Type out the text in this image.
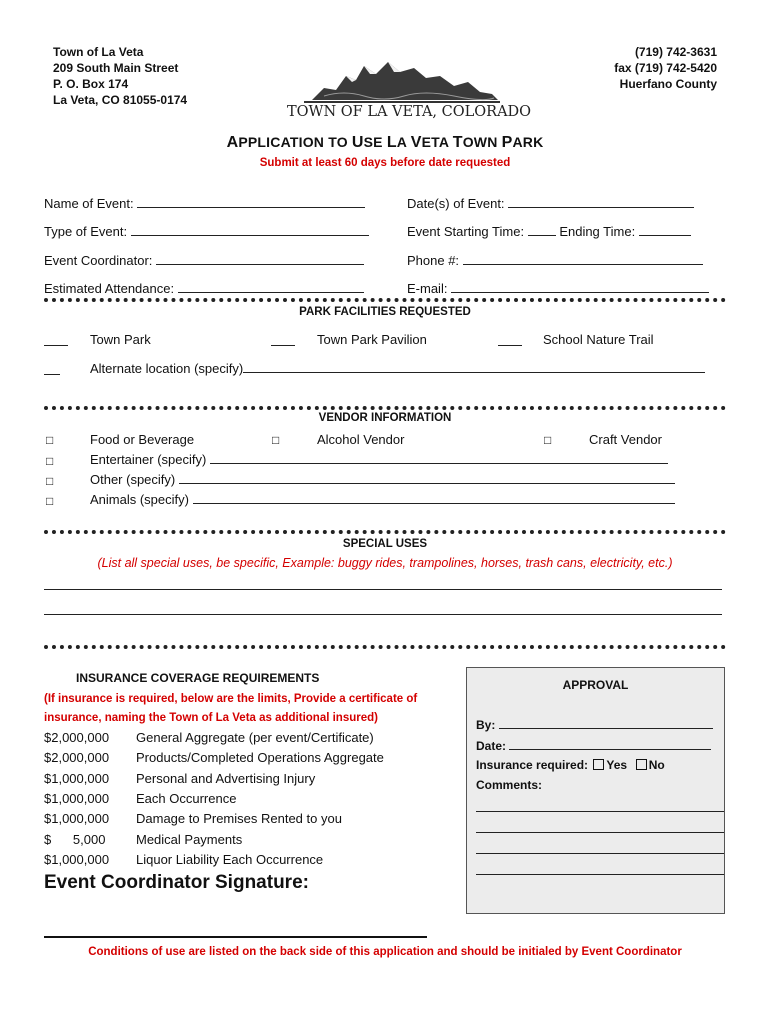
Town of La Veta
209 South Main Street
P. O. Box 174
La Veta, CO 81055-0174
(719) 742-3631
fax (719) 742-5420
Huerfano County
TOWN OF LA VETA, COLORADO
APPLICATION TO USE LA VETA TOWN PARK
Submit at least 60 days before date requested
Name of Event:	Date(s) of Event:
Type of Event:	Event Starting Time:	Ending Time:
Event Coordinator:	Phone #:
Estimated Attendance:	E-mail:
PARK FACILITIES REQUESTED
Town Park	Town Park Pavilion	School Nature Trail
Alternate location (specify)
VENDOR INFORMATION
□	Food or Beverage	□	Alcohol Vendor	□	Craft Vendor
□	Entertainer (specify)
□	Other (specify)
□	Animals (specify)
SPECIAL USES
(List all special uses, be specific, Example: buggy rides, trampolines, horses, trash cans, electricity, etc.)
INSURANCE COVERAGE REQUIREMENTS
(If insurance is required, below are the limits, Provide a certificate of
insurance, naming the Town of La Veta as additional insured)
$2,000,000 General Aggregate (per event/Certificate)
$2,000,000 Products/Completed Operations Aggregate
$1,000,000 Personal and Advertising Injury
$1,000,000 Each Occurrence
$1,000,000 Damage to Premises Rented to you
$      5,000 Medical Payments
$1,000,000 Liquor Liability Each Occurrence
Event Coordinator Signature:
APPROVAL
By:
Date:
Insurance required: Yes No
Comments:
Conditions of use are listed on the back side of this application and should be initialed by Event Coordinator
